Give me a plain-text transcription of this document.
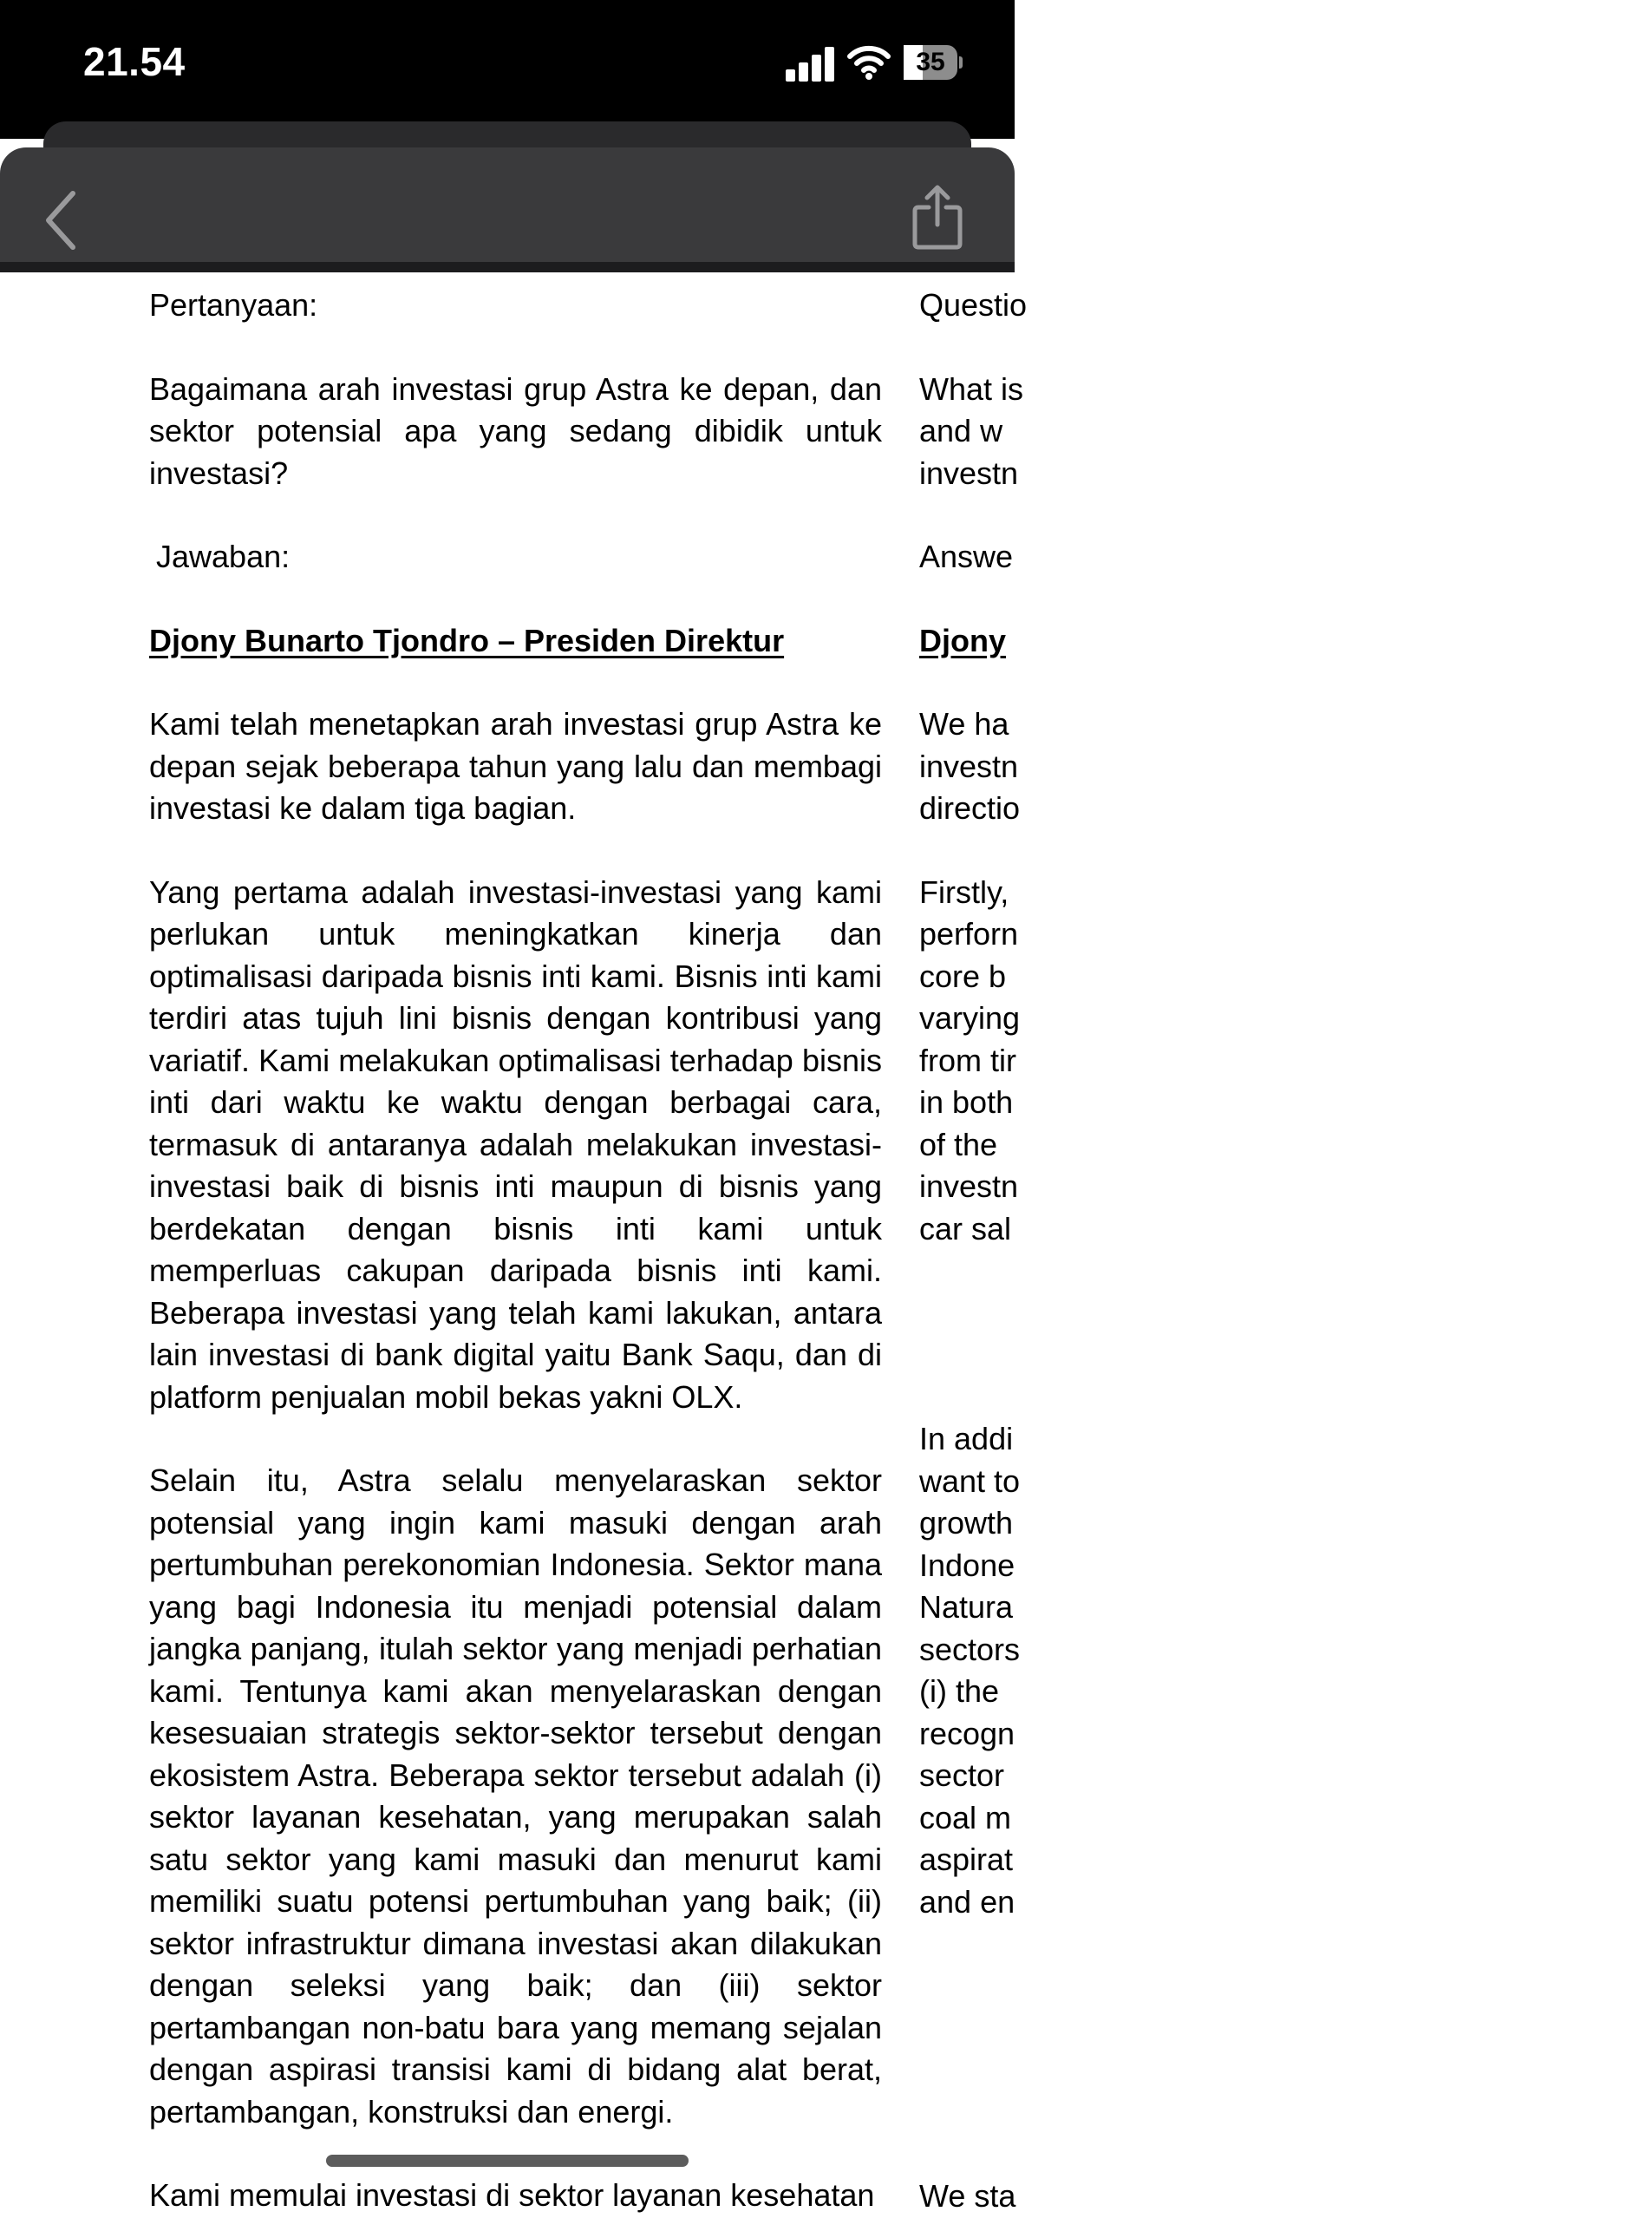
21.54	35

Pertanyaan:

Bagaimana arah investasi grup Astra ke depan, dan sektor potensial apa yang sedang dibidik untuk investasi?

Jawaban:

Djony Bunarto Tjondro – Presiden Direktur

Kami telah menetapkan arah investasi grup Astra ke depan sejak beberapa tahun yang lalu dan membagi investasi ke dalam tiga bagian.

Yang pertama adalah investasi-investasi yang kami perlukan untuk meningkatkan kinerja dan optimalisasi daripada bisnis inti kami. Bisnis inti kami terdiri atas tujuh lini bisnis dengan kontribusi yang variatif. Kami melakukan optimalisasi terhadap bisnis inti dari waktu ke waktu dengan berbagai cara, termasuk di antaranya adalah melakukan investasi-investasi baik di bisnis inti maupun di bisnis yang berdekatan dengan bisnis inti kami untuk memperluas cakupan daripada bisnis inti kami. Beberapa investasi yang telah kami lakukan, antara lain investasi di bank digital yaitu Bank Saqu, dan di platform penjualan mobil bekas yakni OLX.

Selain itu, Astra selalu menyelaraskan sektor potensial yang ingin kami masuki dengan arah pertumbuhan perekonomian Indonesia. Sektor mana yang bagi Indonesia itu menjadi potensial dalam jangka panjang, itulah sektor yang menjadi perhatian kami. Tentunya kami akan menyelaraskan dengan kesesuaian strategis sektor-sektor tersebut dengan ekosistem Astra. Beberapa sektor tersebut adalah (i) sektor layanan kesehatan, yang merupakan salah satu sektor yang kami masuki dan menurut kami memiliki suatu potensi pertumbuhan yang baik; (ii) sektor infrastruktur dimana investasi akan dilakukan dengan seleksi yang baik; dan (iii) sektor pertambangan non-batu bara yang memang sejalan dengan aspirasi transisi kami di bidang alat berat, pertambangan, konstruksi dan energi.

Kami memulai investasi di sektor layanan kesehatan

Questio

What is

and w

investn

Answe

Djony

We ha

investn

directio

Firstly,

perforn

core b

varying

from tir

in both

of the

investn

car sal

In addi

want to

growth

Indone

Natura

sectors

(i) the

recogn

sector

coal m

aspirat

and en

We sta
